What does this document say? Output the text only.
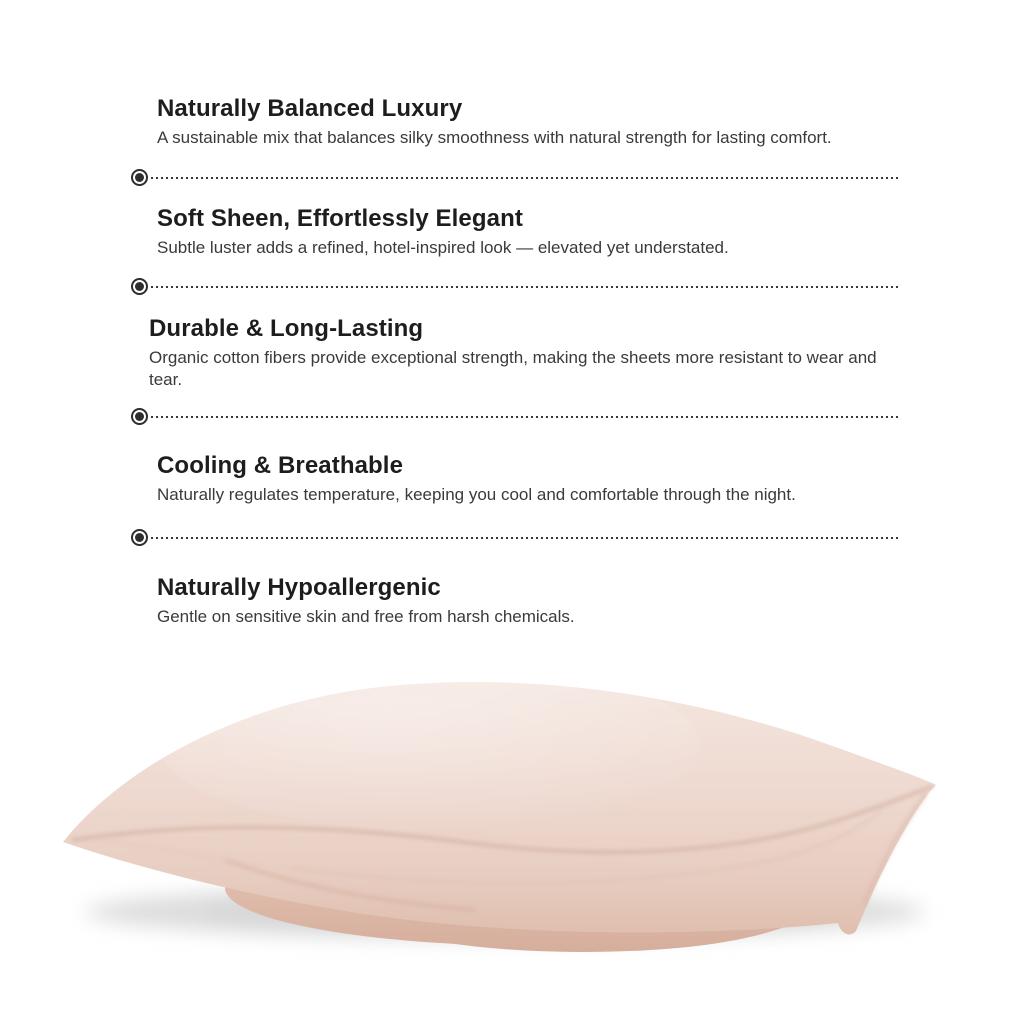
Naturally Balanced Luxury

A sustainable mix that balances silky smoothness with natural strength for lasting comfort.

Soft Sheen, Effortlessly Elegant

Subtle luster adds a refined, hotel-inspired look — elevated yet understated.

Durable & Long-Lasting

Organic cotton fibers provide exceptional strength, making the sheets more resistant to wear and tear.

Cooling & Breathable

Naturally regulates temperature, keeping you cool and comfortable through the night.

Naturally Hypoallergenic

Gentle on sensitive skin and free from harsh chemicals.
